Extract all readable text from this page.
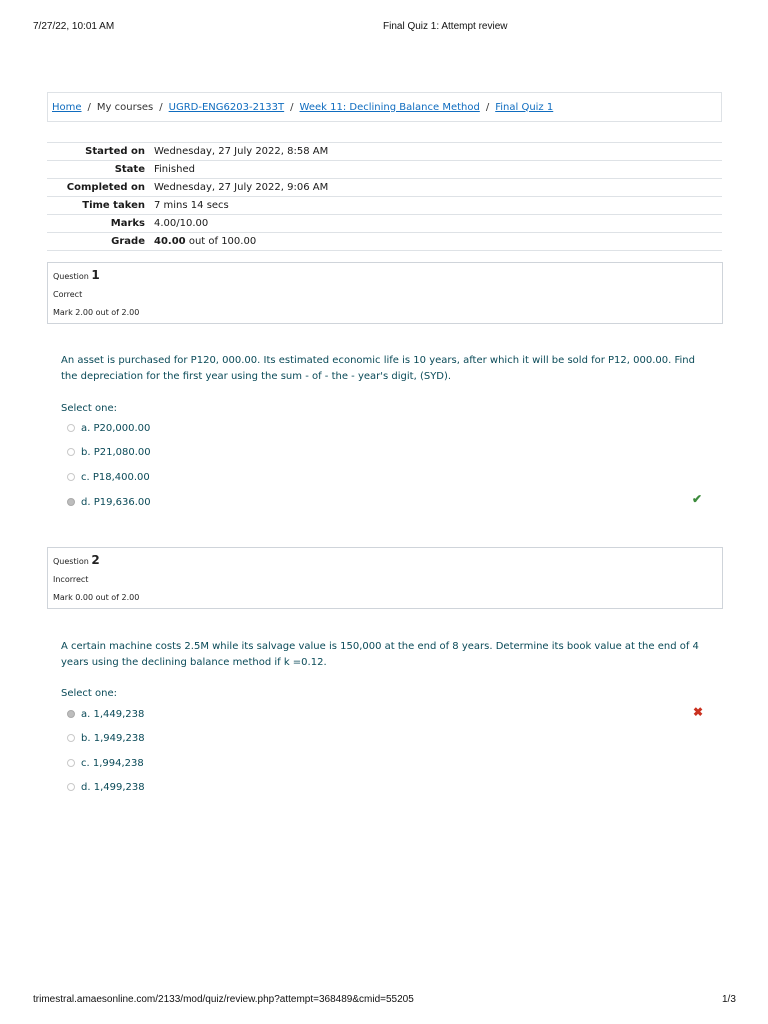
7/27/22, 10:01 AM	Final Quiz 1: Attempt review
Home / My courses / UGRD-ENG6203-2133T / Week 11: Declining Balance Method / Final Quiz 1
Started on	Wednesday, 27 July 2022, 8:58 AM
State	Finished
Completed on	Wednesday, 27 July 2022, 9:06 AM
Time taken	7 mins 14 secs
Marks	4.00/10.00
Grade	40.00 out of 100.00
Question 1
Correct
Mark 2.00 out of 2.00
An asset is purchased for P120, 000.00. Its estimated economic life is 10 years, after which it will be sold for P12, 000.00. Find the depreciation for the first year using the sum - of - the - year's digit, (SYD).
Select one:
a. P20,000.00
b. P21,080.00
c. P18,400.00
d. P19,636.00	✔
Question 2
Incorrect
Mark 0.00 out of 2.00
A certain machine costs 2.5M while its salvage value is 150,000 at the end of 8 years. Determine its book value at the end of 4 years using the declining balance method if k =0.12.
Select one:
a. 1,449,238
b. 1,949,238
c. 1,994,238
d. 1,499,238
✖
trimestral.amaesonline.com/2133/mod/quiz/review.php?attempt=368489&cmid=55205	1/3
